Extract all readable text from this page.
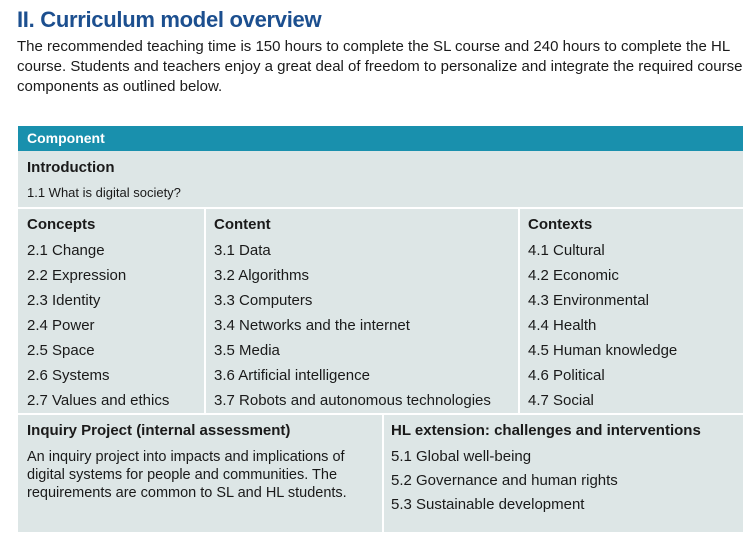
II. Curriculum model overview

The recommended teaching time is 150 hours to complete the SL course and 240 hours to complete the HL course. Students and teachers enjoy a great deal of freedom to personalize and integrate the required course components as outlined below.

Component
Introduction
1.1 What is digital society?
Concepts
2.1 Change
2.2 Expression
2.3 Identity
2.4 Power
2.5 Space
2.6 Systems
2.7 Values and ethics
Content
3.1 Data
3.2 Algorithms
3.3 Computers
3.4 Networks and the internet
3.5 Media
3.6 Artificial intelligence
3.7 Robots and autonomous technologies
Contexts
4.1 Cultural
4.2 Economic
4.3 Environmental
4.4 Health
4.5 Human knowledge
4.6 Political
4.7 Social
Inquiry Project (internal assessment)
An inquiry project into impacts and implications of digital systems for people and communities. The requirements are common to SL and HL students.
HL extension: challenges and interventions
5.1 Global well-being
5.2 Governance and human rights
5.3 Sustainable development
